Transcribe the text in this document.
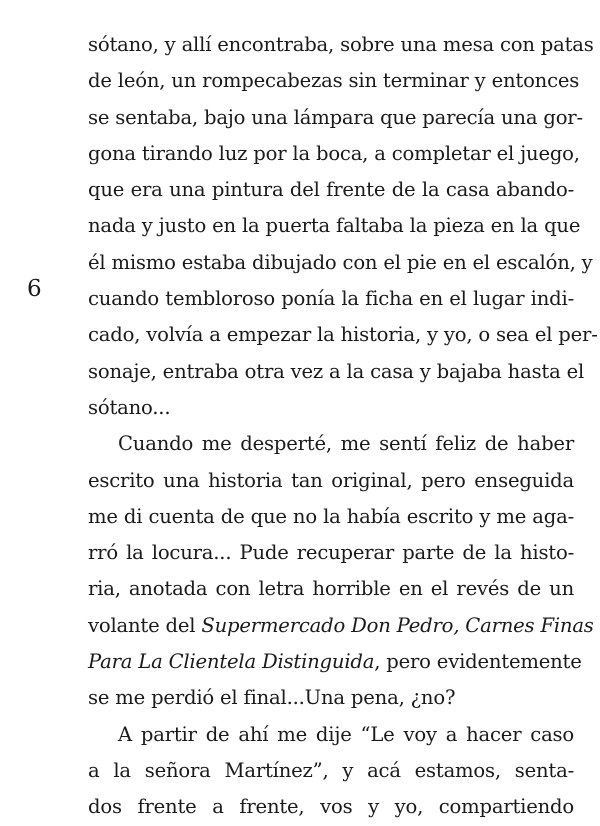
6
sótano, y allí encontraba, sobre una mesa con patas
de león, un rompecabezas sin terminar y entonces
se sentaba, bajo una lámpara que parecía una gor-
gona tirando luz por la boca, a completar el juego,
que era una pintura del frente de la casa abando-
nada y justo en la puerta faltaba la pieza en la que
él mismo estaba dibujado con el pie en el escalón, y
cuando tembloroso ponía la ficha en el lugar indi-
cado, volvía a empezar la historia, y yo, o sea el per-
sonaje, entraba otra vez a la casa y bajaba hasta el
sótano...
Cuando me desperté, me sentí feliz de haber
escrito una historia tan original, pero enseguida
me di cuenta de que no la había escrito y me aga-
rró la locura... Pude recuperar parte de la histo-
ria, anotada con letra horrible en el revés de un
volante del Supermercado Don Pedro, Carnes Finas
Para La Clientela Distinguida, pero evidentemente
se me perdió el final...Una pena, ¿no?
A partir de ahí me dije “Le voy a hacer caso
a la señora Martínez”, y acá estamos, senta-
dos frente a frente, vos y yo, compartiendo
